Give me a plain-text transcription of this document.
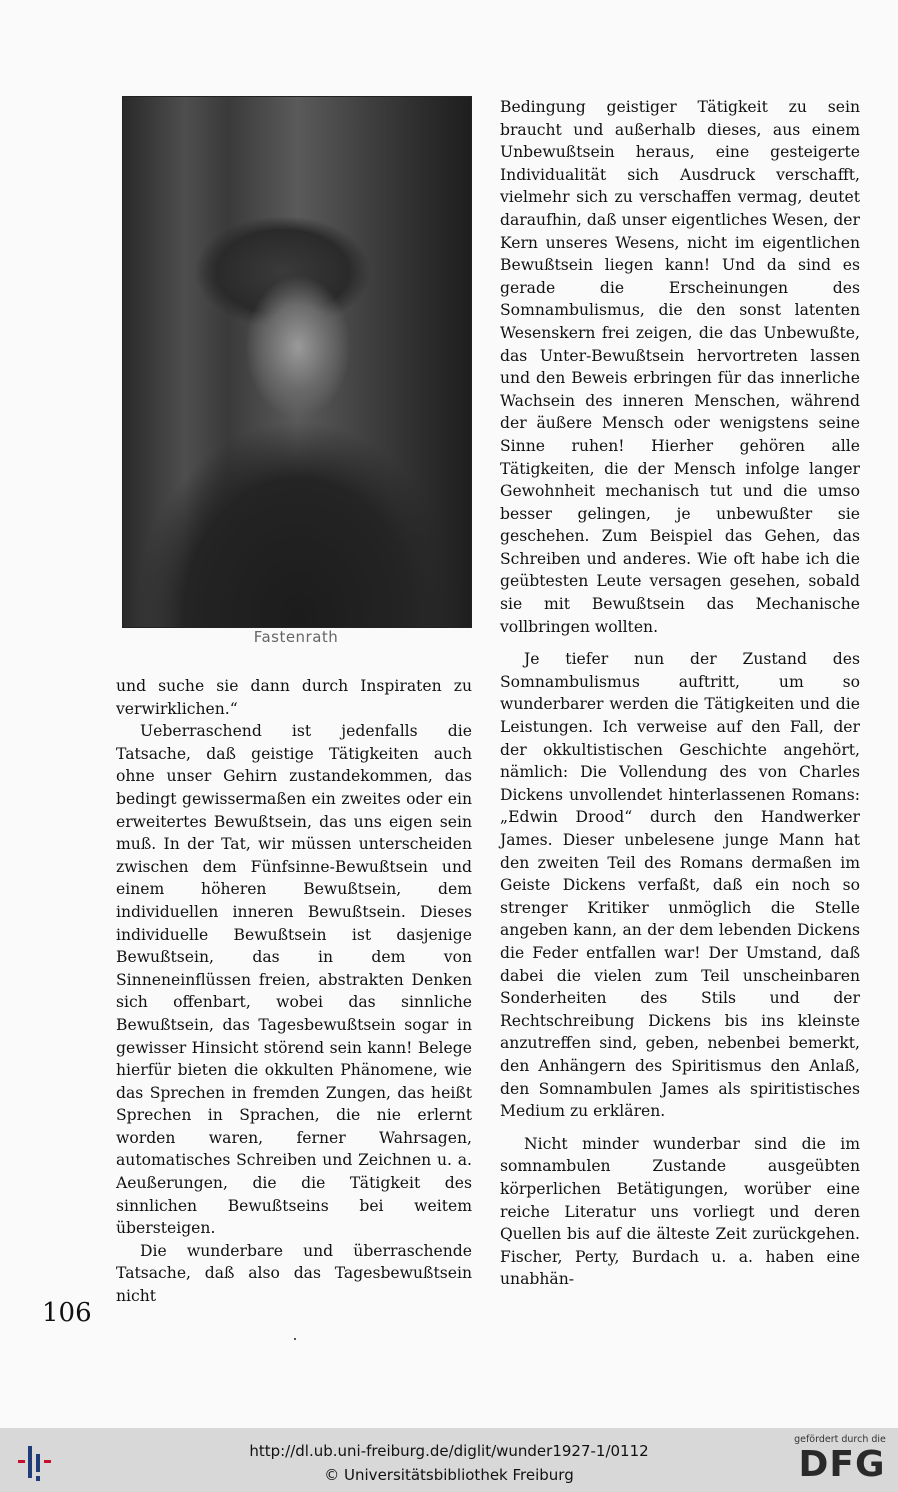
Fastenrath

Bedingung geistiger Tätigkeit zu sein braucht und außerhalb dieses, aus einem Unbewußtsein heraus, eine gesteigerte Individualität sich Ausdruck verschafft, vielmehr sich zu verschaffen vermag, deutet daraufhin, daß unser eigentliches Wesen, der Kern unseres Wesens, nicht im eigentlichen Bewußtsein liegen kann! Und da sind es gerade die Erscheinungen des Somnambulismus, die den sonst latenten Wesenskern frei zeigen, die das Unbewußte, das Unter-Bewußtsein hervortreten lassen und den Beweis erbringen für das innerliche Wachsein des inneren Menschen, während der äußere Mensch oder wenigstens seine Sinne ruhen! Hierher gehören alle Tätigkeiten, die der Mensch infolge langer Gewohnheit mechanisch tut und die umso besser gelingen, je unbewußter sie geschehen. Zum Beispiel das Gehen, das Schreiben und anderes. Wie oft habe ich die geübtesten Leute versagen gesehen, sobald sie mit Bewußtsein das Mechanische vollbringen wollten.

Je tiefer nun der Zustand des Somnambulismus auftritt, um so wunderbarer werden die Tätigkeiten und die Leistungen. Ich verweise auf den Fall, der der okkultistischen Geschichte angehört, nämlich: Die Vollendung des von Charles Dickens unvollendet hinterlassenen Romans: „Edwin Drood“ durch den Handwerker James. Dieser unbelesene junge Mann hat den zweiten Teil des Romans dermaßen im Geiste Dickens verfaßt, daß ein noch so strenger Kritiker unmöglich die Stelle angeben kann, an der dem lebenden Dickens die Feder entfallen war! Der Umstand, daß dabei die vielen zum Teil unscheinbaren Sonderheiten des Stils und der Rechtschreibung Dickens bis ins kleinste anzutreffen sind, geben, nebenbei bemerkt, den Anhängern des Spiritismus den Anlaß, den Somnambulen James als spiritistisches Medium zu erklären.

Nicht minder wunderbar sind die im somnambulen Zustande ausgeübten körperlichen Betätigungen, worüber eine reiche Literatur uns vorliegt und deren Quellen bis auf die älteste Zeit zurückgehen. Fischer, Perty, Burdach u. a. haben eine unabhän-

und suche sie dann durch Inspiraten zu verwirklichen.“

Ueberraschend ist jedenfalls die Tatsache, daß geistige Tätigkeiten auch ohne unser Gehirn zustandekommen, das bedingt gewissermaßen ein zweites oder ein erweitertes Bewußtsein, das uns eigen sein muß. In der Tat, wir müssen unterscheiden zwischen dem Fünfsinne-Bewußtsein und einem höheren Bewußtsein, dem individuellen inneren Bewußtsein. Dieses individuelle Bewußtsein ist dasjenige Bewußtsein, das in dem von Sinneneinflüssen freien, abstrakten Denken sich offenbart, wobei das sinnliche Bewußtsein, das Tagesbewußtsein sogar in gewisser Hinsicht störend sein kann! Belege hierfür bieten die okkulten Phänomene, wie das Sprechen in fremden Zungen, das heißt Sprechen in Sprachen, die nie erlernt worden waren, ferner Wahrsagen, automatisches Schreiben und Zeichnen u. a. Aeußerungen, die die Tätigkeit des sinnlichen Bewußtseins bei weitem übersteigen.

Die wunderbare und überraschende Tatsache, daß also das Tagesbewußtsein nicht

106
http://dl.ub.uni-freiburg.de/diglit/wunder1927-1/0112
© Universitätsbibliothek Freiburg
gefördert durch die
DFG
